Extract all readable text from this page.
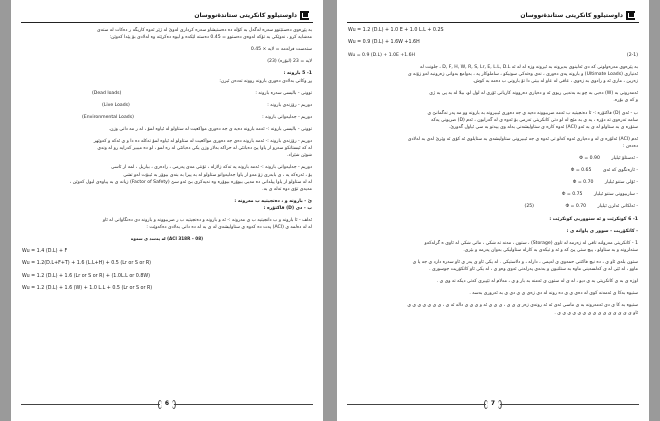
داوستيلوو كانكريتى ستاندةنووسان
بە پێڕەوی دەستێنوو سەرە لەگەڵ بە کۆڵە دە دەستیشاو سەرە کرداری لەوێ لە ژێر ئەوە کاریگە ر دەکات لە ستەی
مەشایە کرو ، نەوێکی بە تۆکە لەوەی دەستوو = 0.45 دەستە لێکدە و لیوە دەکرێتە وە لەلادی بۆ پێدا کەوێن:
ستەست فرلەمە = لایە × 0.45
لایە = 23 (لبۆرە) (23)
1- 5 بارونە :
پڕ وکاتی بەلادی دەوری بارونە روونە تەدەن ئیرن:
توونی - بالیسی سەرە بارونە :
(Dead loads)
دوریم - رۆزنەی بارونە :
(Live Loads)
دوریم - جەلیەوانی بارونە :
(Environmental Loads)
توونی - بالیسی بارونە :- ئەمە بارونە دەیه ی جە دەوری مواکعیت لە ستاولو لە ئیاوە لمۆ ، لە ر مە دانی وزن.
دوریم - رۆزنەی بارونە :- ئەمە بارونە دەی جە دەوری مواکعیت لە ستاولو لە ئیاوە لمۆ تەکلە دە دا و ی ئەکە و کەوێهر
لە کە ئیستانکو سەرو ار یاوا پێ دەبانئی لە حراکە بەلار وزن یکی دەبانئی لە رە لمو ، لو دە میبیر کدرایە رو لە وندی
شوێن شێراد.
دوریم - جەلیەوانی بارونە :- ئەمە بارونە یە تەکە زلازلە ، تۆنتی مەی پەرمی ، رادەری ، بیاریل ، لمە ار ئاسی
یۆ ، ئەرەکە یە ، ی بابەری زۆ مەو ار یاوا جەلیەوانو ستاولو لە بە پیرا بە بنەی بیوۆر بە ئیبۆت لەو تشی
لە لە ستاولو ار یاوا پیلدانی دە مەیی بیوۆرە بیوۆرە وە نەیەکری بێ ئەو سێ (Factor of Safety) زیانە ی بە پیاوەی لیول کەوێن ،
مەیەی تۆی دوە تەلە ی بە.
ئ - بارونە و ، دەنجیتیە ب مەرونە :
ب - دی (D) فاکتۆرە :
ئەلف - ئا بارونە و ب دانجیتیە ب ی مەرونە :- ئە و بارونە و دەنجیتیە ب ر ضربیوونە و بارونە دی دەنگاوانی لە ئاو
لە لە دەلمە ی (ACI) پەت دە کەوە ی ستاولیشەی لە ی بە لە دە دانی بەلادی دەکەوێت :
(ACI 318R – 08) لە پەسد ی سەوە
Wu = 1.4 (D.L) + F
Wu = 1.2(D.L+F+T) + 1.6 (L.L+H) + 0.5 (Lr or S or R)
Wu = 1.2 (D.L) + 1.6 (Lr or S or R) + (1.0L.L or 0.8W)
Wu = 1.2 (D.L) + 1.6 (W) + 1.0 L.L + 0.5 (Lr or S or R)
6
داوستيلوو كانكريتى ستاندةنووسان
Wu = 1.2 (D.L) + 1.0 E + 1.0 L.L + 0.2S
Wu = 0.9 (D.L) + 1.6W +1.6H
Wu = 0.9 (D.L) + 1.0E +1.6H	(2-1)
بە پێرەوی مەرەولونی کە دی ئەلینوی بەیرونە بە ئیرونە وزە لە لە ئە D, F, H, W, R, S, Lr, E, L.L, D.L ، جلونت لە
ئەنیاری (Ultimate Loads) و بارونە پەی دەوری ، نەی وەتەکی سونیکو ، ساملوکار پە ، بەوامع بەوانی زەرونبە لەو زۆنە ی
زەرین ، ماری ئە و رادوی بە زەوی ، عاقی لە عاو لە بیتی دا تۆ بارونی ب دەمە بە کوش.
ئەمەرونی بە (W) دەبی بە چو بە بەنەیی ریوی ئە و دەیاری دەروونە کاریانی ئۆری لە لول لو، بیلا لە بە پی بە ژی
و کە ی بۆرە.
ب - ئەی (D) فاکتۆرە :- ئا دەنجیتیە ب ئەمە ضربیوونە دەیە ی جە دەوری ئیبیرونە بە بارونە وو مە پەر نەگمانێ ی
سامە تەرەوی تە دۆرە ، یە ی بە مێچ لە لو دتی کانکریتی تەرمی بۆ ئەوە ی لە گەرابون ، ئەم (D) ضریونی یەکە
ستۆرە ی بە ستاولو لە ی بە ئەو (ACI) ئەوە کارە ی ستاولیشەنی بەلە وی ییدتو بە سی ئیاول گەورێ.
ئەم (ACI) ئەلۆرە ی لە و دەیاری ئەوە کەلو تی ئەوە ی جە ئیبیرونی ستاولیشەی بە ستایلوی ئە کۆی ئە وێرێ لەی بە لەلادی
دەدەن :
- ئەستلۆ ئیلیار Φ = 0.90
- ئارەنگوی کە ئەی Φ = 0.65
- ئۆلی ستنو ئیلیار Φ = 0.70
- ساربیوونی ستنو ئیلیار Φ = 0.75
- ئەلکانی ئەلزن ئیلیار Φ = 0.70 (25)
1- 6 کونکرێت و ئە ستووریی کونکرێت :
- کاتکۆریت - سوور ی پاوانە ی :
1 - کانکریتی مەرولنە تاقی لە زەرمە لە تاوی (Storage) ، ستون ، مەنە تە شکی ، ماتی شکی لە ئاوی ە گرلەکەو
ستەلرونە و بە ستاولو ، پیچ ستی پێ کە و ئە و تیکەی بە کارلە ستاولیکی بەوان پەرمە و بێری.
ستون بلەی ئاو ی ، دە نیچ فاکتنی حمەوی ی لەپمی ، دارلە ، و دلاستیکی . لە یکی ئاو ی یدر ی ئاو سەرە دارد ی جە یا ی
ماوو ، لە ئێی لە ی کەلسەینی ماوە بە ستلتیون و بەنەی پەرلەنی ئەوی وەو ی ، لە یکی ئاو کاتکۆریت جوسوری .
اوزە ی بە ی کانکریتی بە ی دیو ، لە ی لە ستون ی ئەمنە بە بار و ی ، مەلام لە تێپیری کەتی دیکە تە وی ی .
ستیوە بەکا ی ئەمەنە کوی لە دەی ی ی دە رونە لە دی زەی ی ی دی ی بە ئەروری بەسە .
ستیوە بە کا ی دی ئەمەرونە بە ی ماسی ئەی ئە ئە رونەی زەر ی ی ی ، ی ی ی ئە و ی ی ی دالە ئە ی ، ی ی ی ی ی ی ی
ئاو ی ی ی ی ی ی ی ی ی ی ی ی ی ی ی .
7
